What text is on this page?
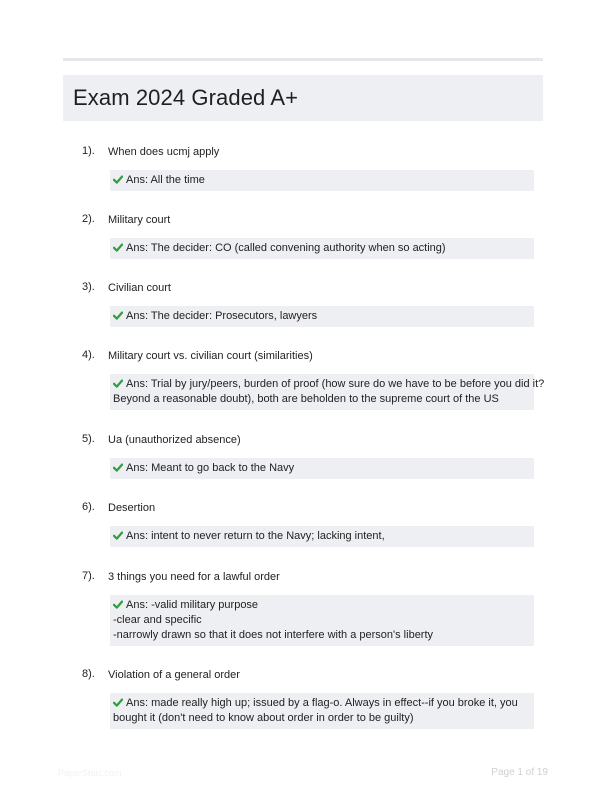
Exam 2024 Graded A+
1). When does ucmj apply
Ans: All the time
2). Military court
Ans: The decider: CO (called convening authority when so acting)
3). Civilian court
Ans: The decider: Prosecutors, lawyers
4). Military court vs. civilian court (similarities)
Ans: Trial by jury/peers, burden of proof (how sure do we have to be before you did it?
Beyond a reasonable doubt), both are beholden to the supreme court of the US
5). Ua (unauthorized absence)
Ans: Meant to go back to the Navy
6). Desertion
Ans: intent to never return to the Navy; lacking intent,
7). 3 things you need for a lawful order
Ans: -valid military purpose
-clear and specific
-narrowly drawn so that it does not interfere with a person's liberty
8). Violation of a general order
Ans: made really high up; issued by a flag-o. Always in effect--if you broke it, you
bought it (don't need to know about order in order to be guilty)
PaperStaic.com	Page 1 of 19
